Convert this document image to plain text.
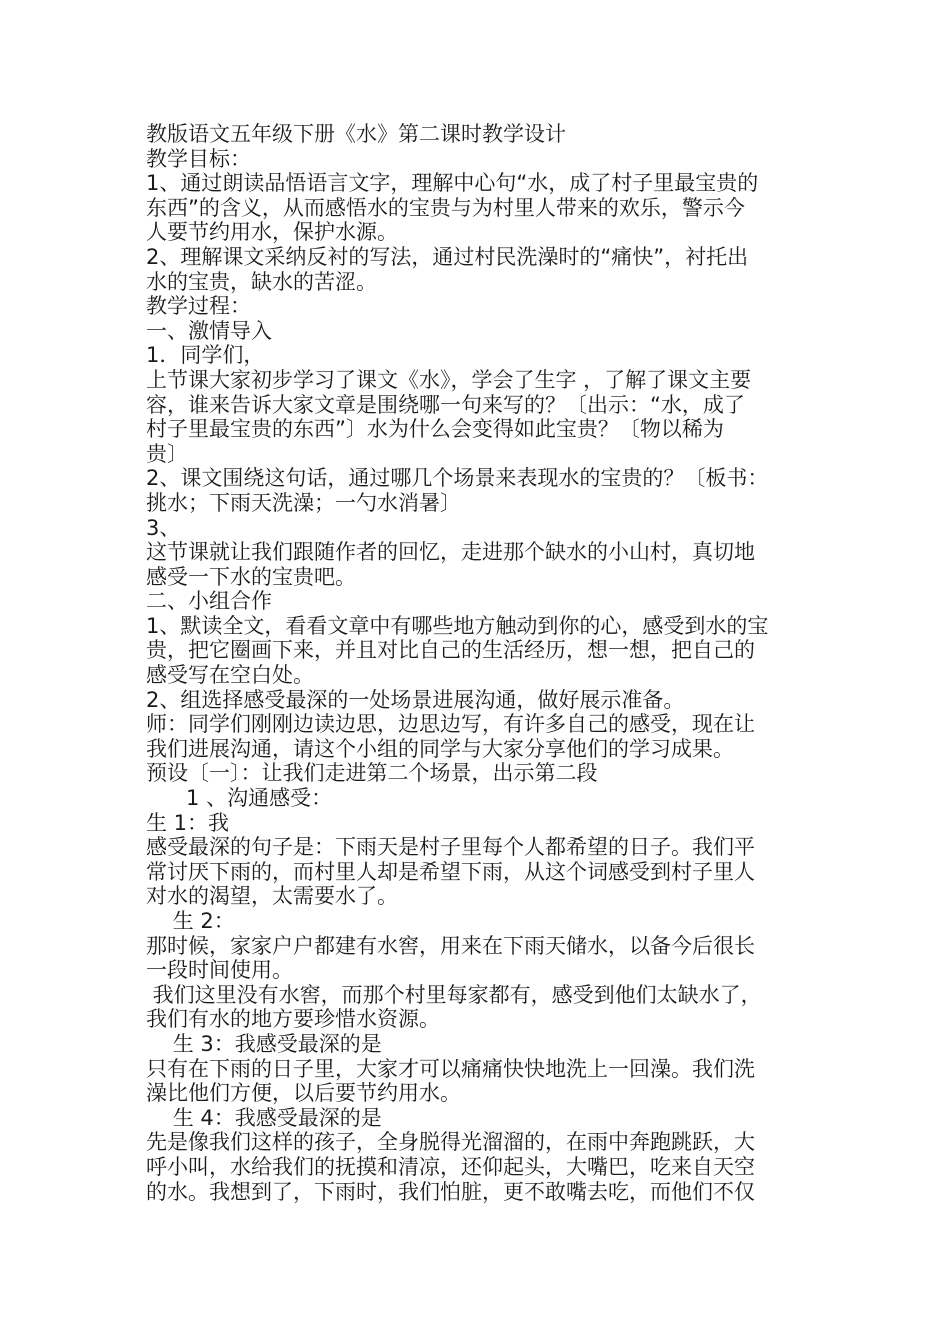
教版语文五年级下册《水》第二课时教学设计
教学目标：
1、通过朗读品悟语言文字，理解中心句“水，成了村子里最宝贵的
东西”的含义，从而感悟水的宝贵与为村里人带来的欢乐，警示今
人要节约用水，保护水源。
2、理解课文采纳反衬的写法，通过村民洗澡时的“痛快”，衬托出
水的宝贵，缺水的苦涩。
教学过程：
一、激情导入
1．同学们，
上节课大家初步学习了课文《水》，学会了生字 ，了解了课文主要
容，谁来告诉大家文章是围绕哪一句来写的？〔出示：“水，成了
村子里最宝贵的东西”〕水为什么会变得如此宝贵？〔物以稀为
贵〕
2、课文围绕这句话，通过哪几个场景来表现水的宝贵的？〔板书：
挑水；下雨天洗澡；一勺水消暑〕
3、
这节课就让我们跟随作者的回忆，走进那个缺水的小山村，真切地
感受一下水的宝贵吧。
二、小组合作
1、默读全文，看看文章中有哪些地方触动到你的心，感受到水的宝
贵，把它圈画下来，并且对比自己的生活经历，想一想，把自己的
感受写在空白处。
2、组选择感受最深的一处场景进展沟通，做好展示准备。
师：同学们刚刚边读边思，边思边写，有许多自己的感受，现在让
我们进展沟通，请这个小组的同学与大家分享他们的学习成果。
预设〔一〕：让我们走进第二个场景，出示第二段
1 、沟通感受：
生 1：我
感受最深的句子是：下雨天是村子里每个人都希望的日子。我们平
常讨厌下雨的，而村里人却是希望下雨，从这个词感受到村子里人
对水的渴望，太需要水了。
生 2：
那时候，家家户户都建有水窖，用来在下雨天储水，以备今后很长
一段时间使用。
我们这里没有水窖，而那个村里每家都有，感受到他们太缺水了，
我们有水的地方要珍惜水资源。
生 3：我感受最深的是
只有在下雨的日子里，大家才可以痛痛快快地洗上一回澡。我们洗
澡比他们方便，以后要节约用水。
生 4：我感受最深的是
先是像我们这样的孩子，全身脱得光溜溜的，在雨中奔跑跳跃，大
呼小叫，水给我们的抚摸和清凉，还仰起头，大嘴巴，吃来自天空
的水。我想到了，下雨时，我们怕脏，更不敢嘴去吃，而他们不仅
